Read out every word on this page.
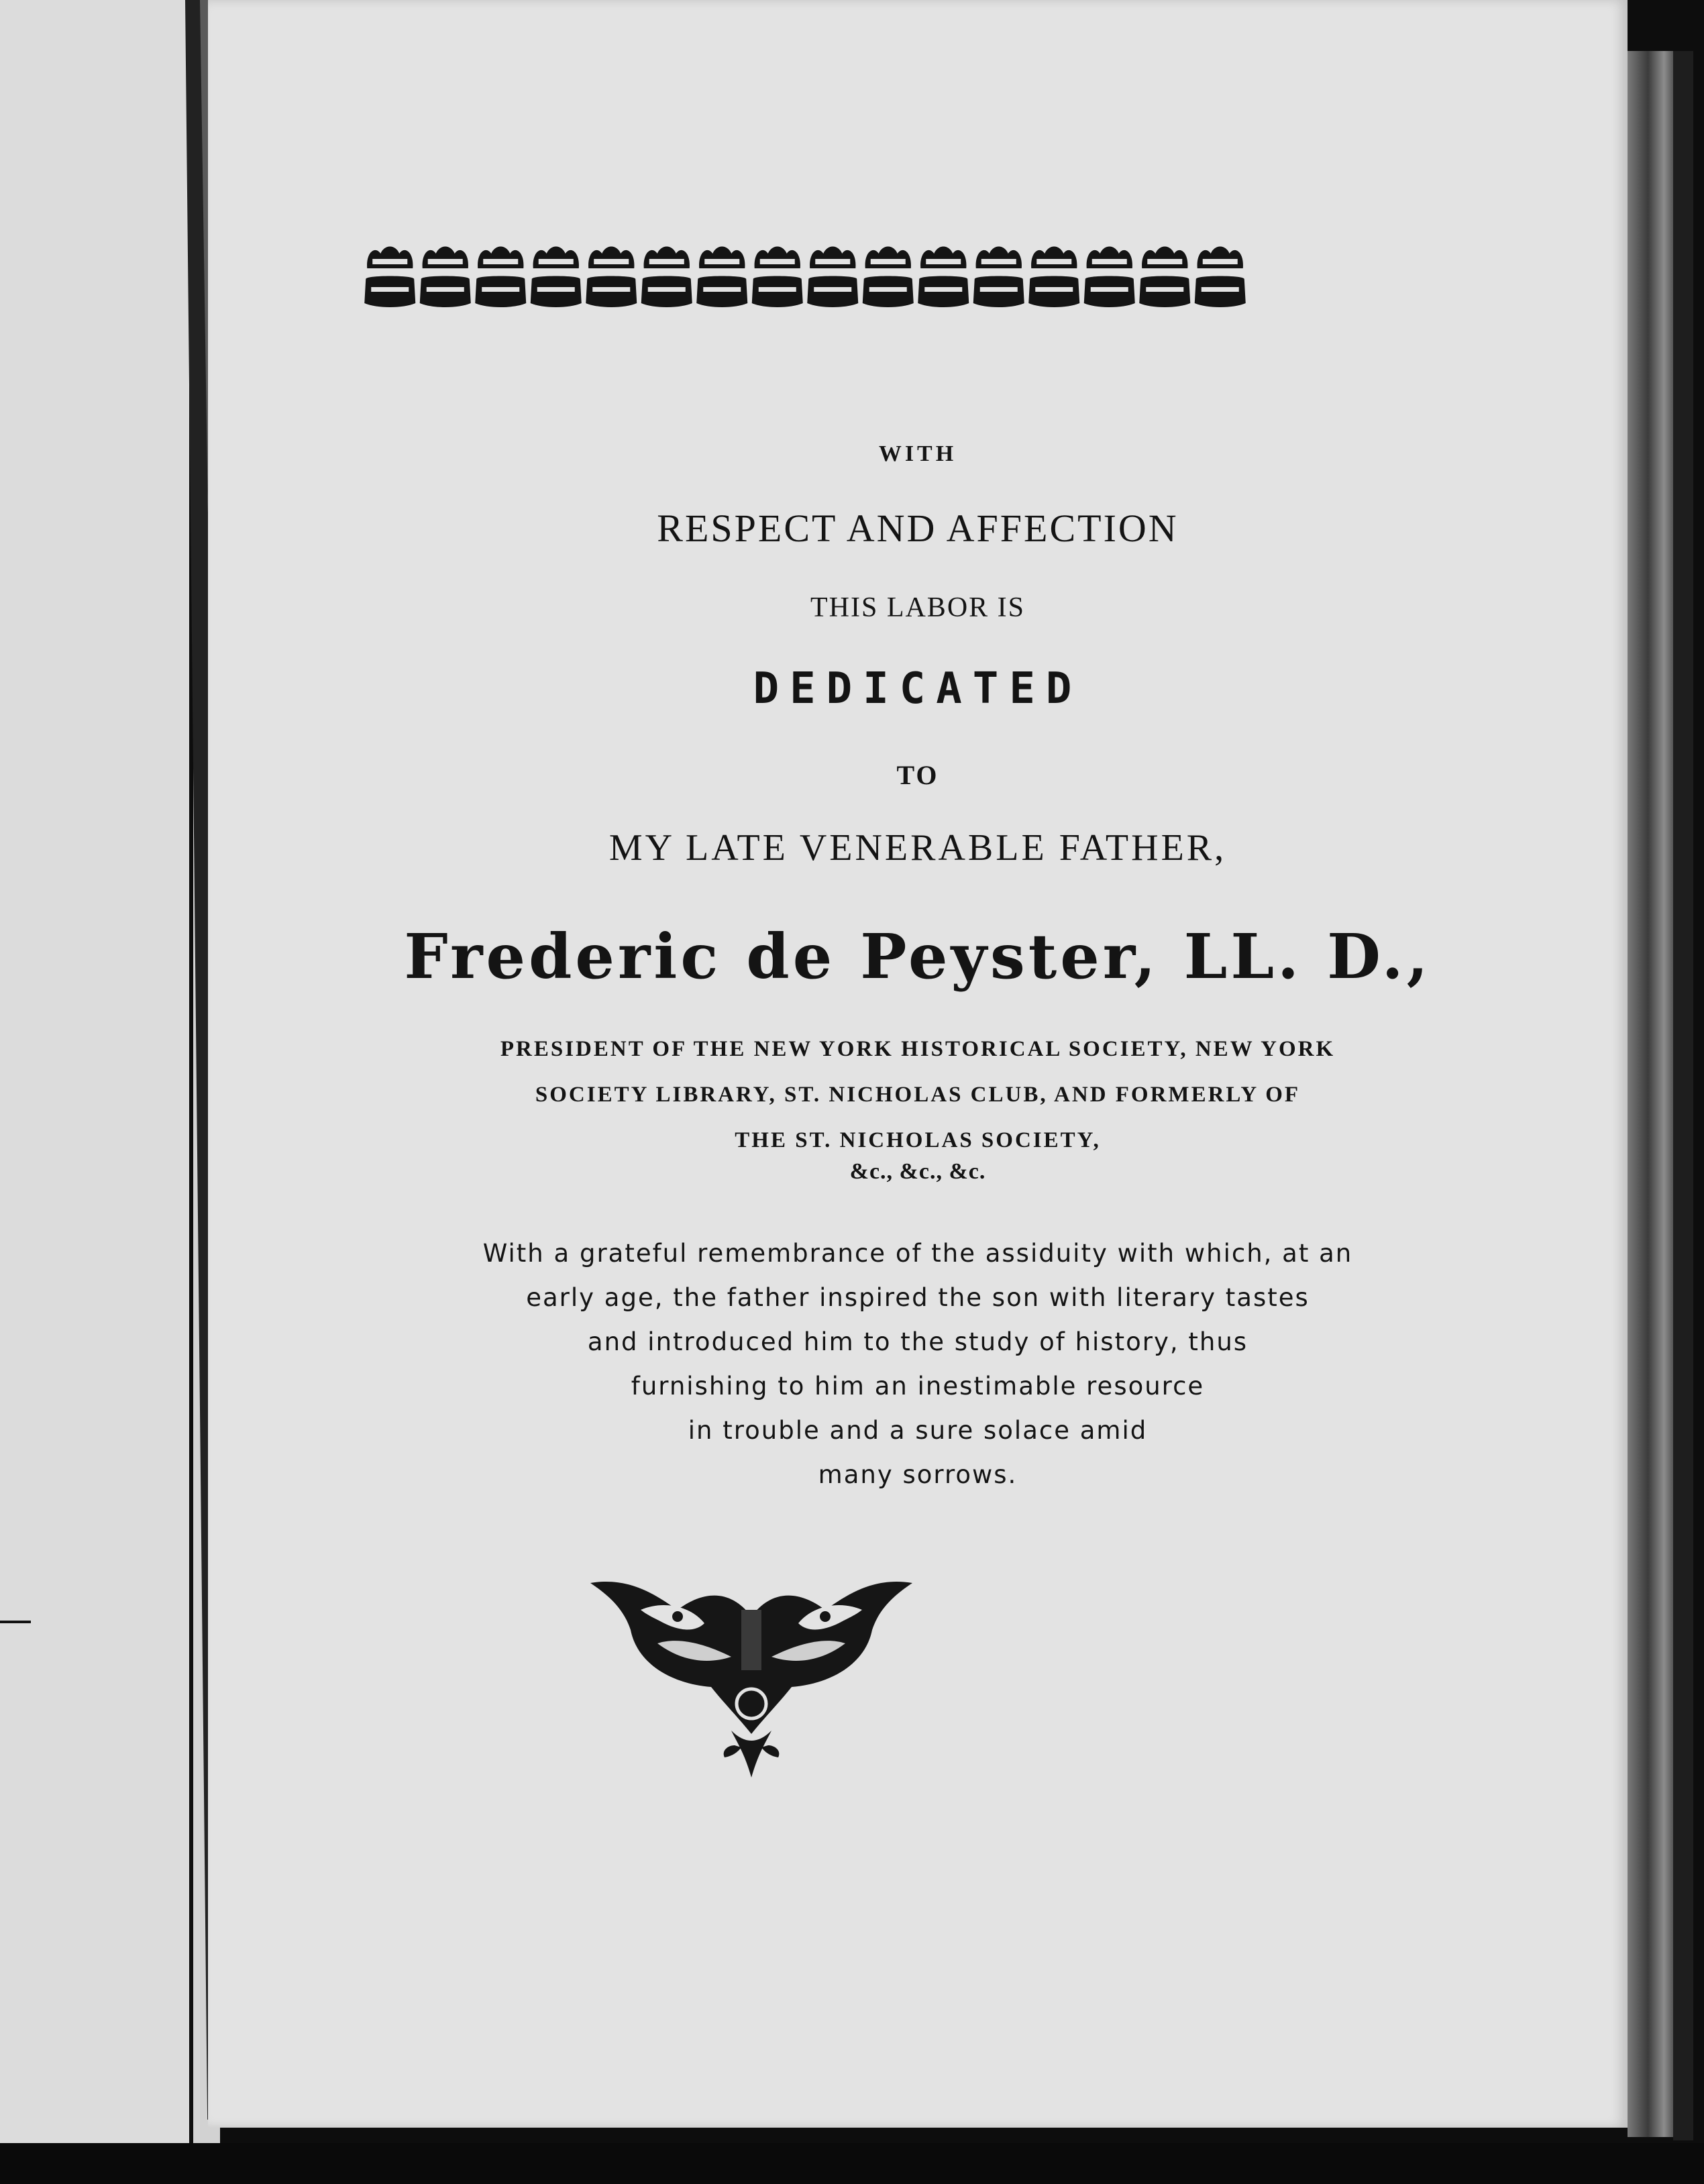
WITH
RESPECT AND AFFECTION
THIS LABOR IS
DEDICATED
TO
MY LATE VENERABLE FATHER,
Frederic de Peyster, LL. D.,
PRESIDENT OF THE NEW YORK HISTORICAL SOCIETY, NEW YORK
SOCIETY LIBRARY, ST. NICHOLAS CLUB, AND FORMERLY OF
THE ST. NICHOLAS SOCIETY,
&c., &c., &c.
With a grateful remembrance of the assiduity with which, at an
early age, the father inspired the son with literary tastes
and introduced him to the study of history, thus
furnishing to him an inestimable resource
in trouble and a sure solace amid
many sorrows.
